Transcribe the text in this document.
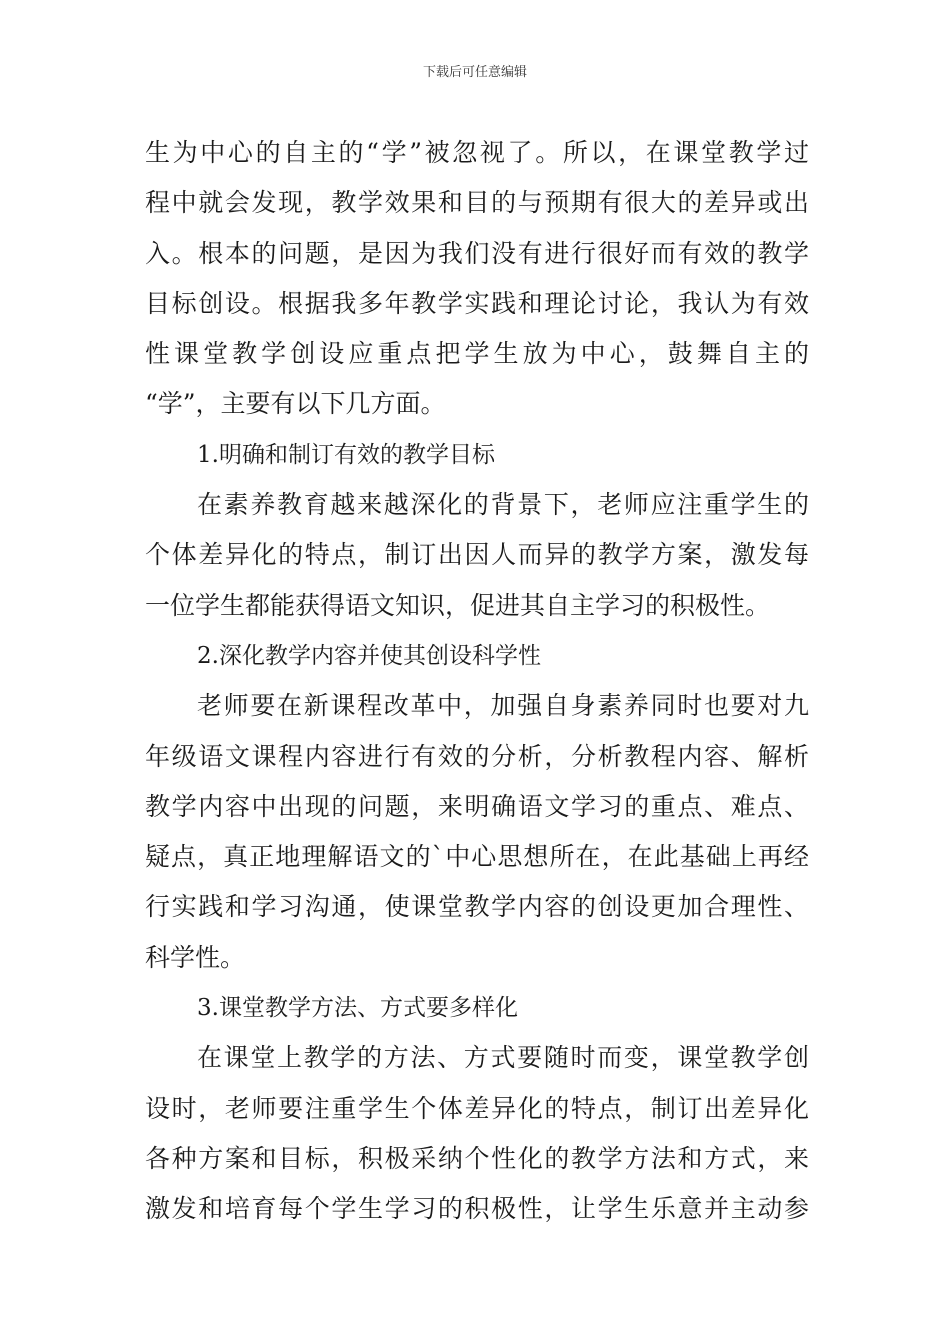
下载后可任意编辑
生为中心的自主的“学”被忽视了。所以，在课堂教学过
程中就会发现，教学效果和目的与预期有很大的差异或出
入。根本的问题，是因为我们没有进行很好而有效的教学
目标创设。根据我多年教学实践和理论讨论，我认为有效
性课堂教学创设应重点把学生放为中心，鼓舞自主的
“学”，主要有以下几方面。
1.明确和制订有效的教学目标
在素养教育越来越深化的背景下，老师应注重学生的
个体差异化的特点，制订出因人而异的教学方案，激发每
一位学生都能获得语文知识，促进其自主学习的积极性。
2.深化教学内容并使其创设科学性
老师要在新课程改革中，加强自身素养同时也要对九
年级语文课程内容进行有效的分析，分析教程内容、解析
教学内容中出现的问题，来明确语文学习的重点、难点、
疑点，真正地理解语文的`中心思想所在，在此基础上再经
行实践和学习沟通，使课堂教学内容的创设更加合理性、
科学性。
3.课堂教学方法、方式要多样化
在课堂上教学的方法、方式要随时而变，课堂教学创
设时，老师要注重学生个体差异化的特点，制订出差异化
各种方案和目标，积极采纳个性化的教学方法和方式，来
激发和培育每个学生学习的积极性，让学生乐意并主动参
